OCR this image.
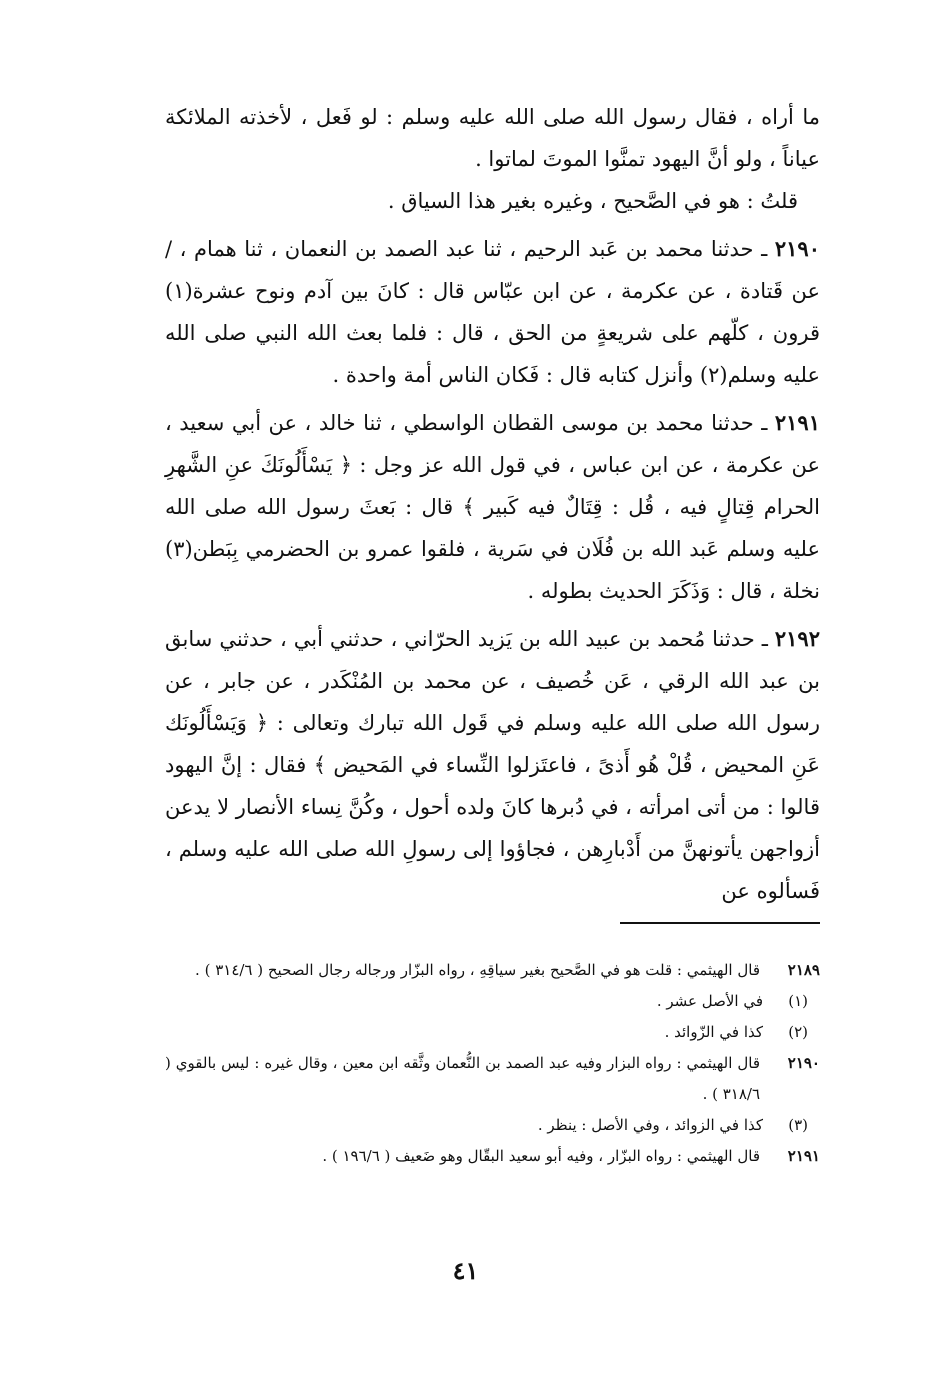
ما أراه ، فقال رسول الله صلى الله عليه وسلم : لو فَعل ، لأخذته الملائكة عياناً ، ولو أنَّ اليهود تمنَّوا الموتَ لماتوا .

قلتُ : هو في الصَّحيح ، وغيره بغير هذا السياق .

٢١٩٠ ـ حدثنا محمد بن عَبد الرحيم ، ثنا عبد الصمد بن النعمان ، ثنا همام ، / عن قَتادة ، عن عكرمة ، عن ابن عبّاس قال : كانَ بين آدم ونوح عشرة(١) قرون ، كلّهم على شريعةٍ من الحق ، قال : فلما بعث الله النبي صلى الله عليه وسلم(٢) وأنزل كتابه قال : فَكان الناس أمة واحدة .

٢١٩١ ـ حدثنا محمد بن موسى القطان الواسطي ، ثنا خالد ، عن أبي سعيد ، عن عكرمة ، عن ابن عباس ، في قول الله عز وجل : ﴿ يَسْأَلُونَكَ عنِ الشَّهرِ الحرام قِتالٍ فيه ، قُل : قِتَالٌ فيه كَبير ﴾ قال : بَعثَ رسول الله صلى الله عليه وسلم عَبد الله بن فُلَان في سَرية ، فلقوا عمرو بن الحضرمي بِبَطن(٣) نخلة ، قال : وَذَكَرَ الحديث بطوله .

٢١٩٢ ـ حدثنا مُحمد بن عبيد الله بن يَزيد الحرّاني ، حدثني أبي ، حدثني سابق بن عبد الله الرقي ، عَن خُصيف ، عن محمد بن المُنْكَدر ، عن جابر ، عن رسول الله صلى الله عليه وسلم في قَول الله تبارك وتعالى : ﴿ وَيَسْأَلُونَك عَنِ المحيض ، قُلْ هُو أَذىً ، فاعتَزلوا النِّساء في المَحيض ﴾ فقال : إنَّ اليهود قالوا : من أتى امرأته ، في دُبرها كانَ ولده أحول ، وكُنَّ نِساء الأنصار لا يدعن أزواجهن يأتونهنَّ من أَدْبارِهن ، فجاؤوا إلى رسولِ الله صلى الله عليه وسلم ، فَسألوه عن

٢١٨٩
قال الهيثمي : قلت هو في الصَّحيح بغير سياقِهِ ، رواه البزّار ورجاله رجال الصحيح ( ٣١٤/٦ ) .
(١)
في الأصل عشر .
(٢)
كذا في الزّوائد .
٢١٩٠
قال الهيثمي : رواه البزار وفيه عبد الصمد بن النُّعمان وثَّقه ابن معين ، وقال غيره : ليس بالقوي ( ٣١٨/٦ ) .
(٣)
كذا في الزوائد ، وفي الأصل : ينظر .
٢١٩١
قال الهيثمي : رواه البزّار ، وفيه أبو سعيد البقّال وهو ضَعيف ( ١٩٦/٦ ) .
٤١
